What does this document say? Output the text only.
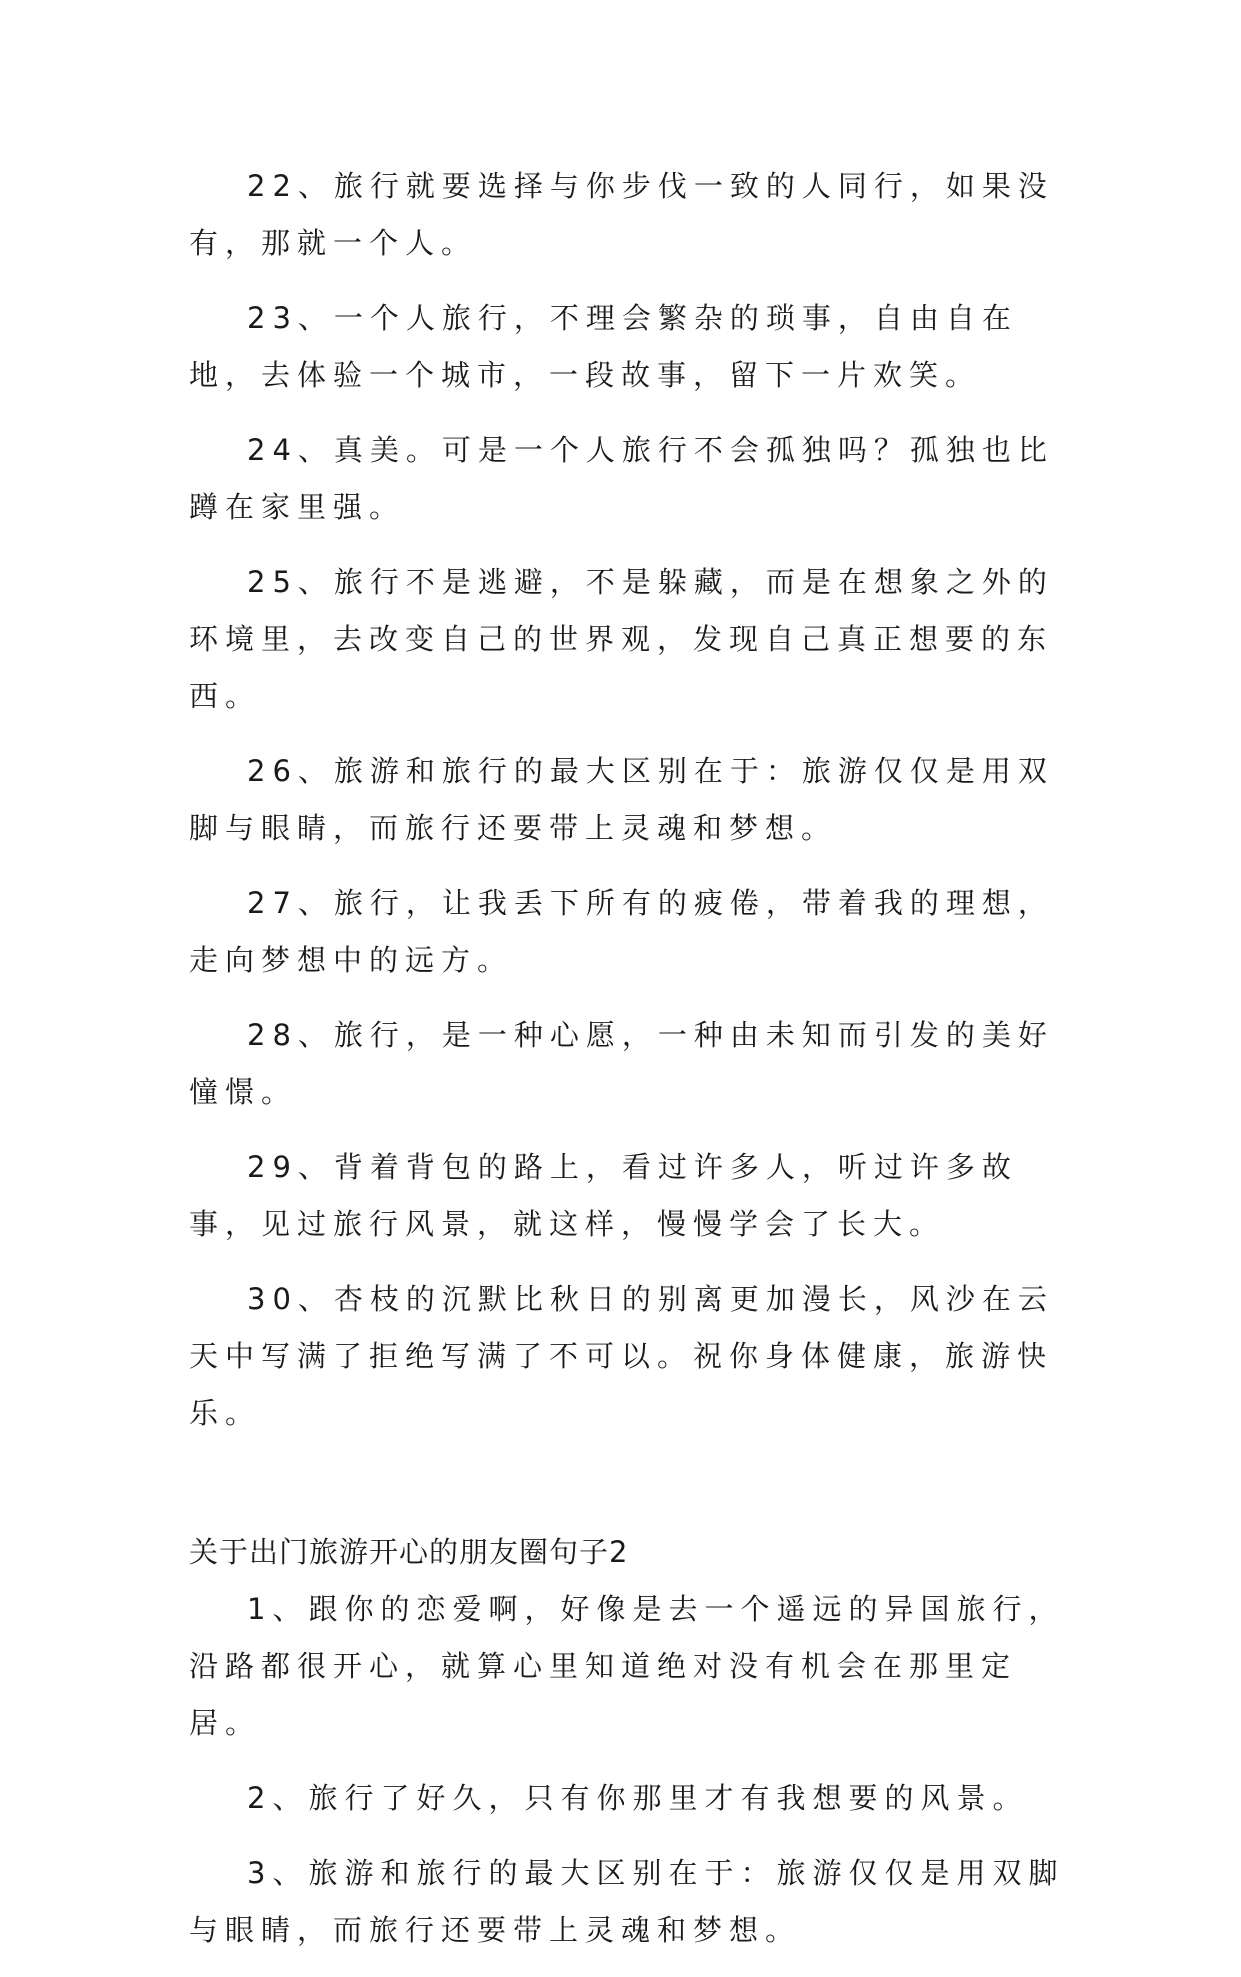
22、旅行就要选择与你步伐一致的人同行，如果没有，那就一个人。

23、一个人旅行，不理会繁杂的琐事，自由自在地，去体验一个城市，一段故事，留下一片欢笑。

24、真美。可是一个人旅行不会孤独吗？孤独也比蹲在家里强。

25、旅行不是逃避，不是躲藏，而是在想象之外的环境里，去改变自己的世界观，发现自己真正想要的东西。

26、旅游和旅行的最大区别在于：旅游仅仅是用双脚与眼睛，而旅行还要带上灵魂和梦想。

27、旅行，让我丢下所有的疲倦，带着我的理想，走向梦想中的远方。

28、旅行，是一种心愿，一种由未知而引发的美好憧憬。

29、背着背包的路上，看过许多人，听过许多故事，见过旅行风景，就这样，慢慢学会了长大。

30、杏枝的沉默比秋日的别离更加漫长，风沙在云天中写满了拒绝写满了不可以。祝你身体健康，旅游快乐。

关于出门旅游开心的朋友圈句子2

1、跟你的恋爱啊，好像是去一个遥远的异国旅行，沿路都很开心，就算心里知道绝对没有机会在那里定居。

2、旅行了好久，只有你那里才有我想要的风景。

3、旅游和旅行的最大区别在于：旅游仅仅是用双脚与眼睛，而旅行还要带上灵魂和梦想。
